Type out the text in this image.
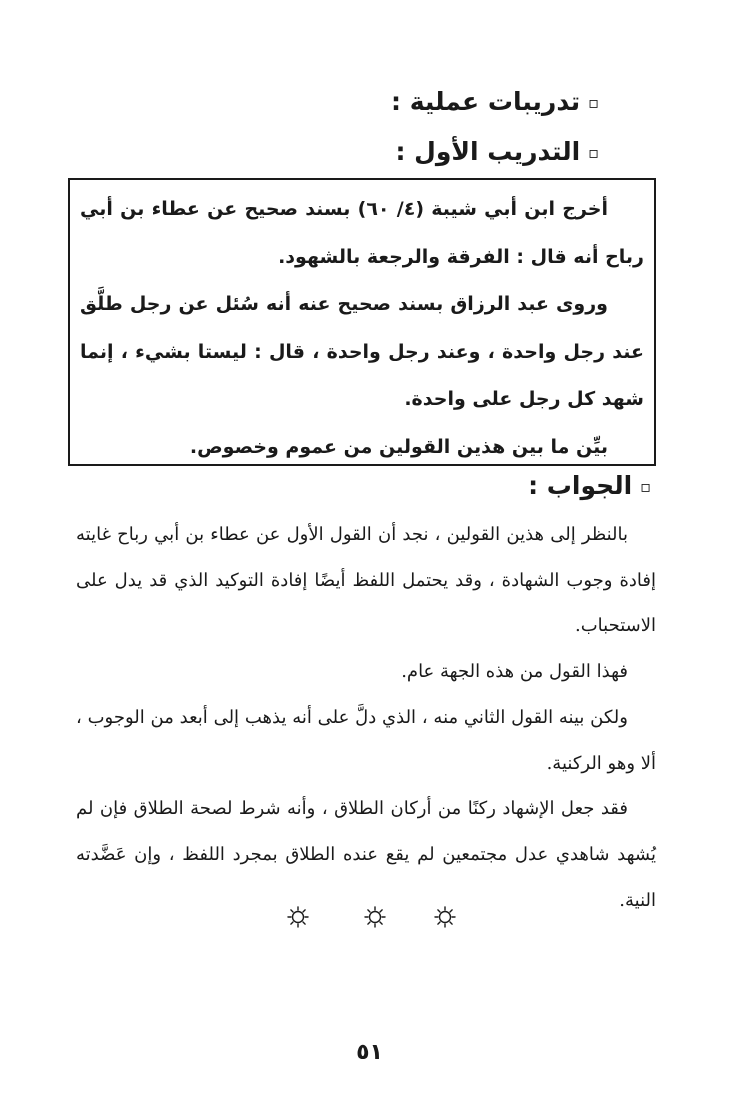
▫تدريبات عملية :
▫التدريب الأول :

أخرج ابن أبي شيبة (٤/ ٦٠) بسند صحيح عن عطاء بن أبي رباح أنه قال : الفرقة والرجعة بالشهود.

وروى عبد الرزاق بسند صحيح عنه أنه سُئل عن رجل طلَّق عند رجل واحدة ، وعند رجل واحدة ، قال : ليستا بشيء ، إنما شهد كل رجل على واحدة.

بيِّن ما بين هذين القولين من عموم وخصوص.

▫الجواب :

بالنظر إلى هذين القولين ، نجد أن القول الأول عن عطاء بن أبي رباح غايته إفادة وجوب الشهادة ، وقد يحتمل اللفظ أيضًا إفادة التوكيد الذي قد يدل على الاستحباب.

فهذا القول من هذه الجهة عام.

ولكن بينه القول الثاني منه ، الذي دلَّ على أنه يذهب إلى أبعد من الوجوب ، ألا وهو الركنية.

فقد جعل الإشهاد ركنًا من أركان الطلاق ، وأنه شرط لصحة الطلاق فإن لم يُشهد شاهدي عدل مجتمعين لم يقع عنده الطلاق بمجرد اللفظ ، وإن عَضَّدته النية.

٥١
